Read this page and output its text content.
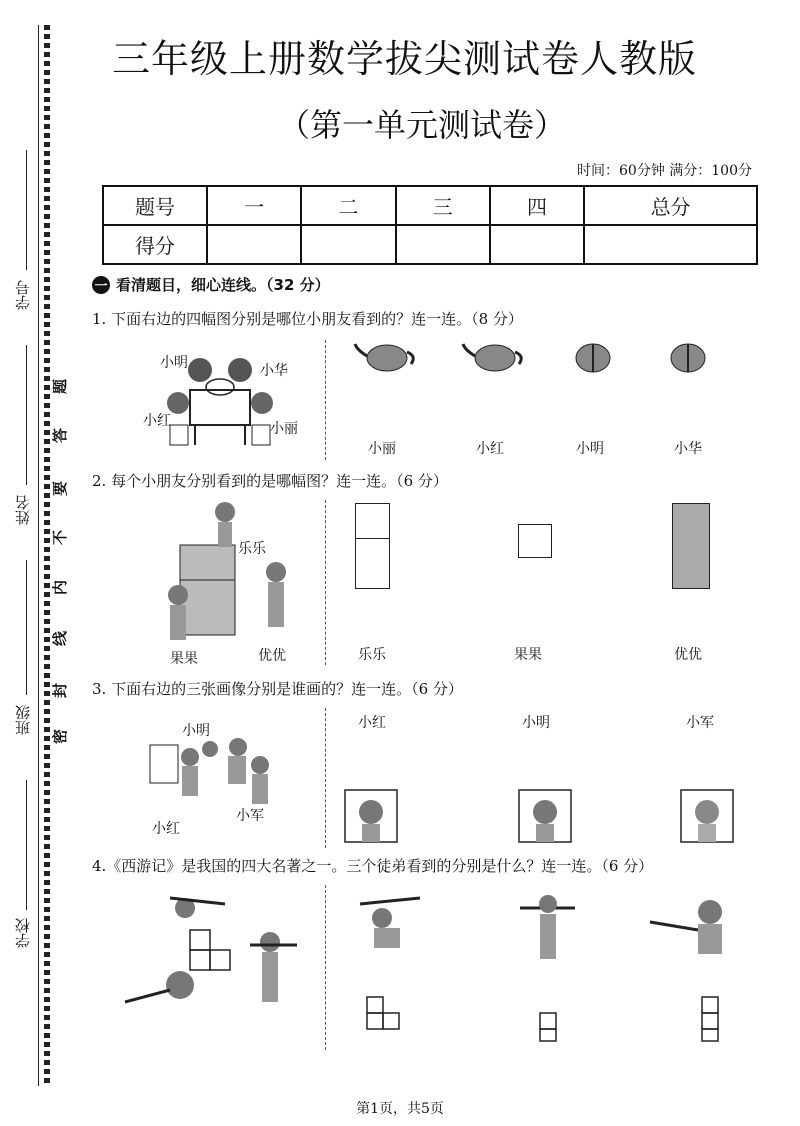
学号
姓名
班级
学校
题
答
要
不
内
线
封
密
三年级上册数学拔尖测试卷人教版
（第一单元测试卷）
时间：60分钟 满分：100分
题号	一	二	三	四	总分
得分					
一 看清题目，细心连线。（32 分）
1. 下面右边的四幅图分别是哪位小朋友看到的？连一连。（8 分）
小明	小华
小红	小丽
小丽	小红	小明	小华
2. 每个小朋友分别看到的是哪幅图？连一连。（6 分）
乐乐
果果	优优	乐乐	果果	优优
3. 下面右边的三张画像分别是谁画的？连一连。（6 分）
小明
小红
小军
小红	小明	小军
4.《西游记》是我国的四大名著之一。三个徒弟看到的分别是什么？连一连。（6 分）
第1页，共5页
